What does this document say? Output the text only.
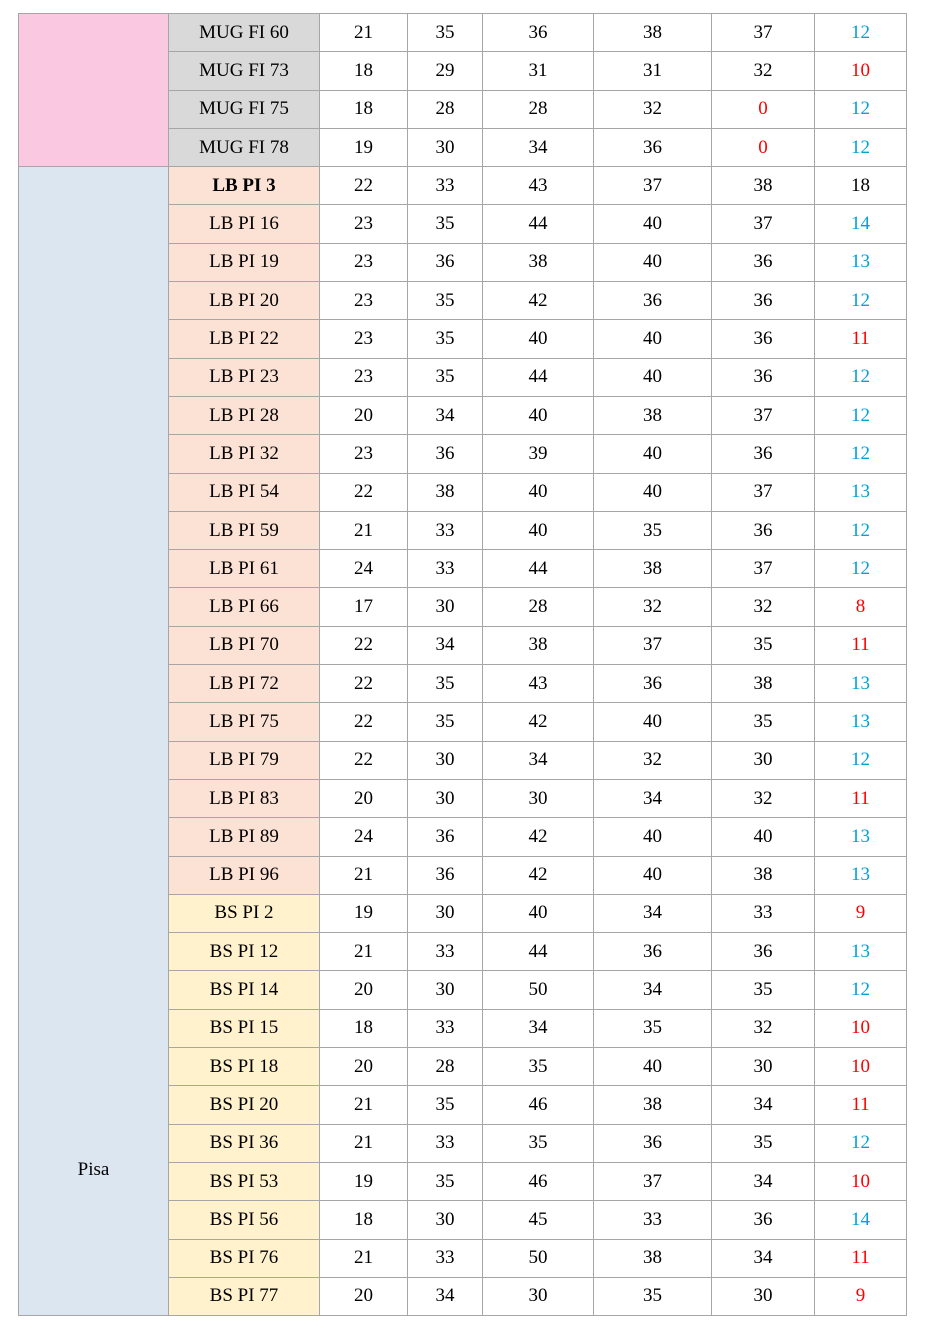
	MUG FI 60	21	35	36	38	37	12
	MUG FI 73	18	29	31	31	32	10
	MUG FI 75	18	28	28	32	0	12
	MUG FI 78	19	30	34	36	0	12
Pisa	LB PI 3	22	33	43	37	38	18
	LB PI 16	23	35	44	40	37	14
	LB PI 19	23	36	38	40	36	13
	LB PI 20	23	35	42	36	36	12
	LB PI 22	23	35	40	40	36	11
	LB PI 23	23	35	44	40	36	12
	LB PI 28	20	34	40	38	37	12
	LB PI 32	23	36	39	40	36	12
	LB PI 54	22	38	40	40	37	13
	LB PI 59	21	33	40	35	36	12
	LB PI 61	24	33	44	38	37	12
	LB PI 66	17	30	28	32	32	8
	LB PI 70	22	34	38	37	35	11
	LB PI 72	22	35	43	36	38	13
	LB PI 75	22	35	42	40	35	13
	LB PI 79	22	30	34	32	30	12
	LB PI 83	20	30	30	34	32	11
	LB PI 89	24	36	42	40	40	13
	LB PI 96	21	36	42	40	38	13
	BS PI 2	19	30	40	34	33	9
	BS PI 12	21	33	44	36	36	13
	BS PI 14	20	30	50	34	35	12
	BS PI 15	18	33	34	35	32	10
	BS PI 18	20	28	35	40	30	10
	BS PI 20	21	35	46	38	34	11
	BS PI 36	21	33	35	36	35	12
	BS PI 53	19	35	46	37	34	10
	BS PI 56	18	30	45	33	36	14
	BS PI 76	21	33	50	38	34	11
	BS PI 77	20	34	30	35	30	9
